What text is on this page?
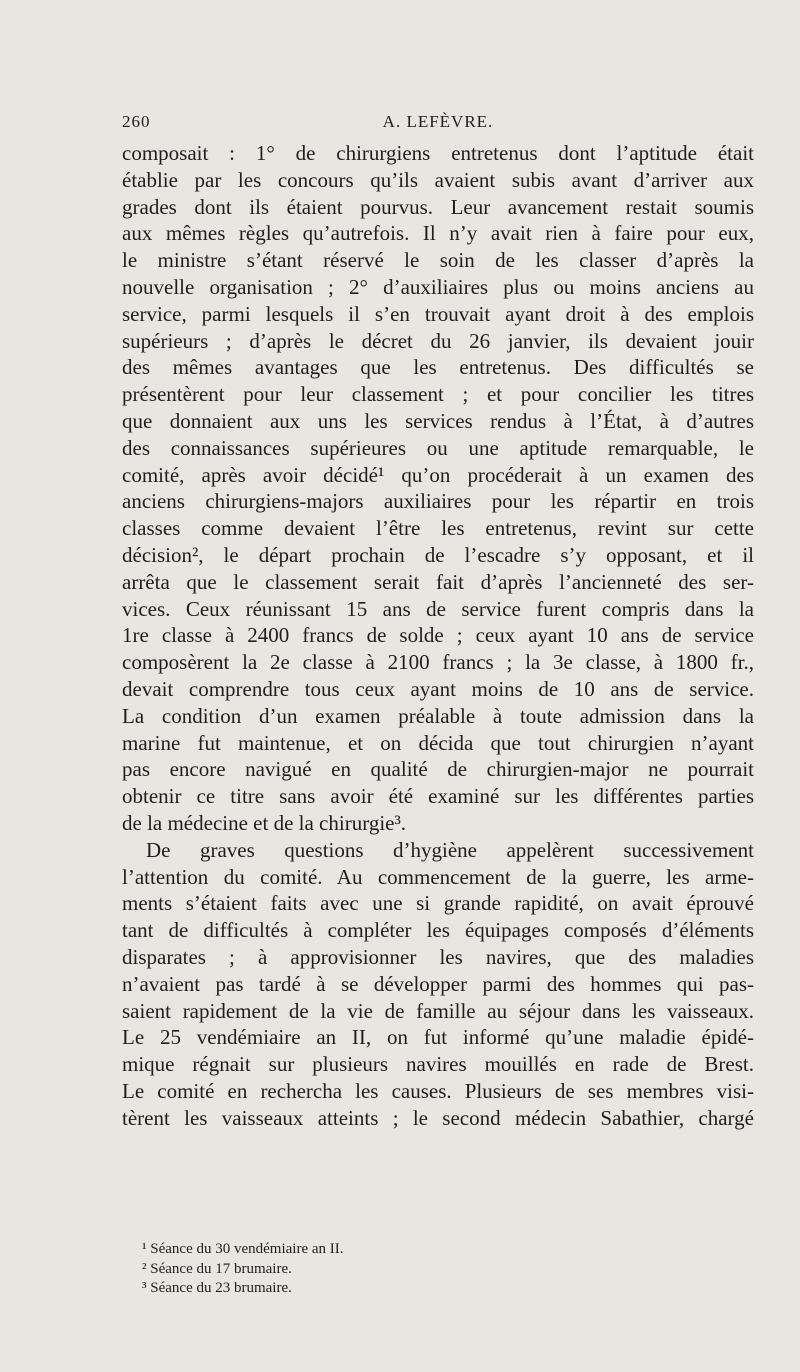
260	A. LEFÈVRE.
composait : 1° de chirurgiens entretenus dont l’aptitude était
établie par les concours qu’ils avaient subis avant d’arriver aux
grades dont ils étaient pourvus. Leur avancement restait soumis
aux mêmes règles qu’autrefois. Il n’y avait rien à faire pour eux,
le ministre s’étant réservé le soin de les classer d’après la
nouvelle organisation ; 2° d’auxiliaires plus ou moins anciens au
service, parmi lesquels il s’en trouvait ayant droit à des emplois
supérieurs ; d’après le décret du 26 janvier, ils devaient jouir
des mêmes avantages que les entretenus. Des difficultés se
présentèrent pour leur classement ; et pour concilier les titres
que donnaient aux uns les services rendus à l’État, à d’autres
des connaissances supérieures ou une aptitude remarquable, le
comité, après avoir décidé¹ qu’on procéderait à un examen des
anciens chirurgiens-majors auxiliaires pour les répartir en trois
classes comme devaient l’être les entretenus, revint sur cette
décision², le départ prochain de l’escadre s’y opposant, et il
arrêta que le classement serait fait d’après l’ancienneté des ser-
vices. Ceux réunissant 15 ans de service furent compris dans la
1re classe à 2400 francs de solde ; ceux ayant 10 ans de service
composèrent la 2e classe à 2100 francs ; la 3e classe, à 1800 fr.,
devait comprendre tous ceux ayant moins de 10 ans de service.
La condition d’un examen préalable à toute admission dans la
marine fut maintenue, et on décida que tout chirurgien n’ayant
pas encore navigué en qualité de chirurgien-major ne pourrait
obtenir ce titre sans avoir été examiné sur les différentes parties
de la médecine et de la chirurgie³.
De graves questions d’hygiène appelèrent successivement
l’attention du comité. Au commencement de la guerre, les arme-
ments s’étaient faits avec une si grande rapidité, on avait éprouvé
tant de difficultés à compléter les équipages composés d’éléments
disparates ; à approvisionner les navires, que des maladies
n’avaient pas tardé à se développer parmi des hommes qui pas-
saient rapidement de la vie de famille au séjour dans les vaisseaux.
Le 25 vendémiaire an II, on fut informé qu’une maladie épidé-
mique régnait sur plusieurs navires mouillés en rade de Brest.
Le comité en rechercha les causes. Plusieurs de ses membres visi-
tèrent les vaisseaux atteints ; le second médecin Sabathier, chargé
¹ Séance du 30 vendémiaire an II.
² Séance du 17 brumaire.
³ Séance du 23 brumaire.
